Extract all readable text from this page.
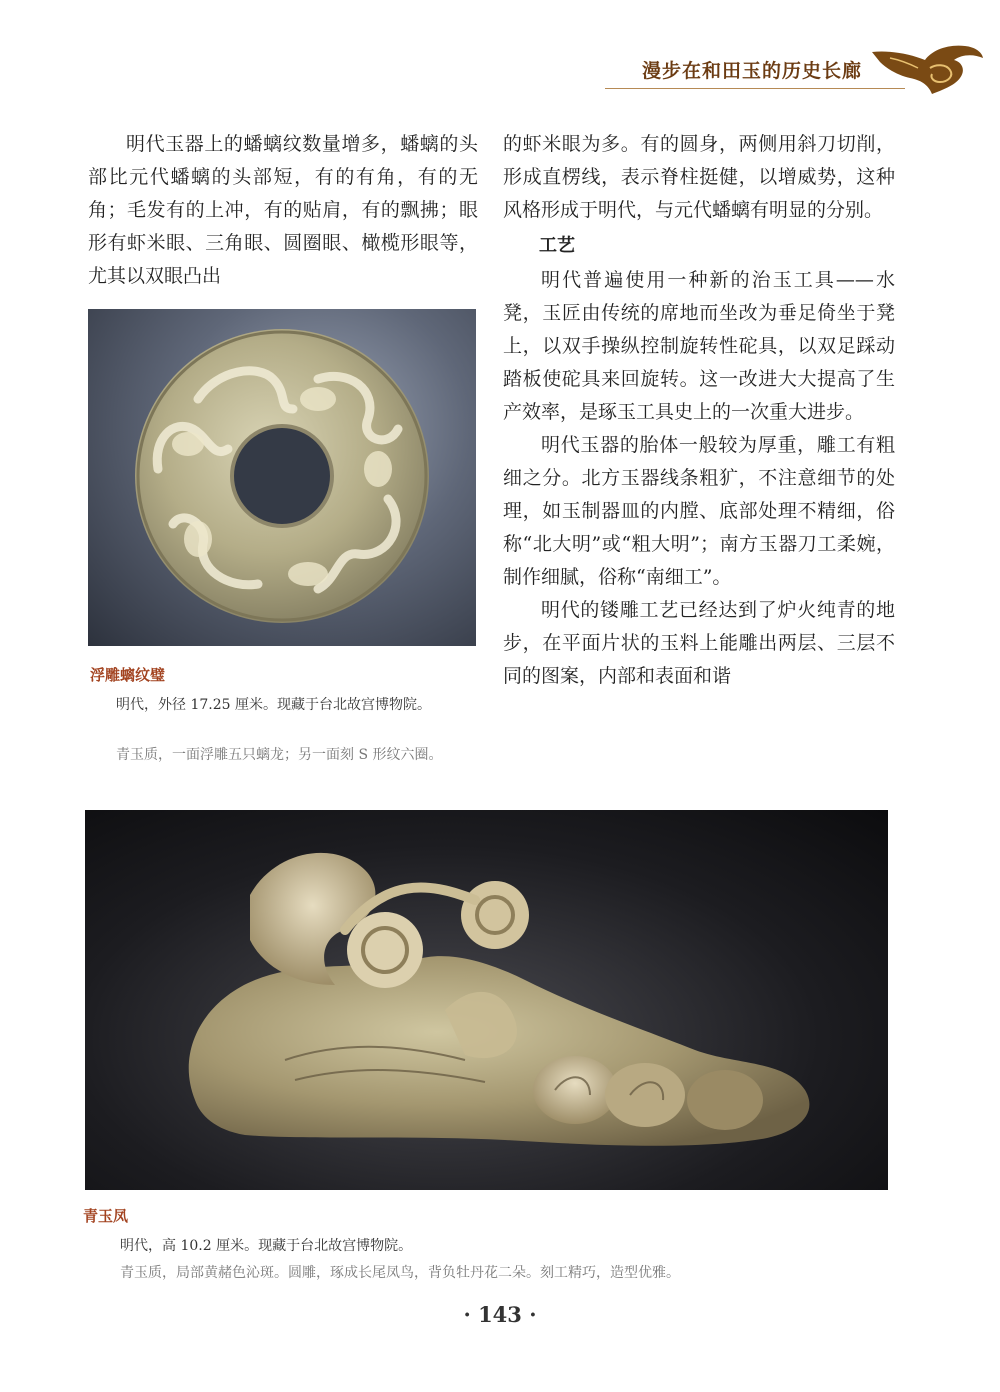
漫步在和田玉的历史长廊

明代玉器上的蟠螭纹数量增多，蟠螭的头部比元代蟠螭的头部短，有的有角，有的无角；毛发有的上冲，有的贴肩，有的飘拂；眼形有虾米眼、三角眼、圆圈眼、橄榄形眼等，尤其以双眼凸出

浮雕螭纹璧
明代，外径 17.25 厘米。现藏于台北故宫博物院。
青玉质，一面浮雕五只螭龙；另一面刻 S 形纹六圈。

的虾米眼为多。有的圆身，两侧用斜刀切削，形成直楞线，表示脊柱挺健，以增威势，这种风格形成于明代，与元代蟠螭有明显的分别。

工艺

明代普遍使用一种新的治玉工具——水凳，玉匠由传统的席地而坐改为垂足倚坐于凳上，以双手操纵控制旋转性砣具，以双足踩动踏板使砣具来回旋转。这一改进大大提高了生产效率，是琢玉工具史上的一次重大进步。

明代玉器的胎体一般较为厚重，雕工有粗细之分。北方玉器线条粗犷，不注意细节的处理，如玉制器皿的内膛、底部处理不精细，俗称“北大明”或“粗大明”；南方玉器刀工柔婉，制作细腻，俗称“南细工”。

明代的镂雕工艺已经达到了炉火纯青的地步，在平面片状的玉料上能雕出两层、三层不同的图案，内部和表面和谐

青玉凤
明代，高 10.2 厘米。现藏于台北故宫博物院。
青玉质，局部黄赭色沁斑。圆雕，琢成长尾凤鸟，背负牡丹花二朵。刻工精巧，造型优雅。
· 143 ·
